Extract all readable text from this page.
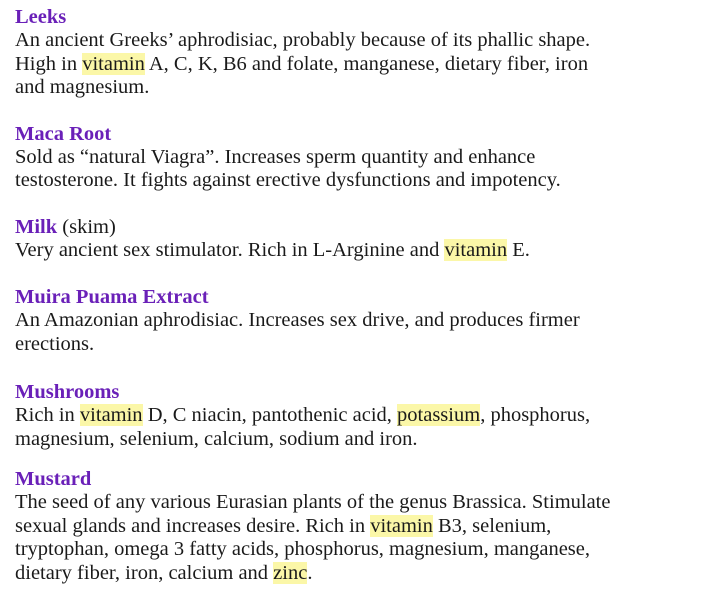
Leeks
An ancient Greeks’ aphrodisiac, probably because of its phallic shape.
High in vitamin A, C, K, B6 and folate, manganese, dietary fiber, iron
and magnesium.
Maca Root
Sold as “natural Viagra”. Increases sperm quantity and enhance
testosterone. It fights against erective dysfunctions and impotency.
Milk (skim)
Very ancient sex stimulator. Rich in L-Arginine and vitamin E.
Muira Puama Extract
An Amazonian aphrodisiac. Increases sex drive, and produces firmer
erections.
Mushrooms
Rich in vitamin D, C niacin, pantothenic acid, potassium, phosphorus,
magnesium, selenium, calcium, sodium and iron.
Mustard
The seed of any various Eurasian plants of the genus Brassica. Stimulate
sexual glands and increases desire. Rich in vitamin B3, selenium,
tryptophan, omega 3 fatty acids, phosphorus, magnesium, manganese,
dietary fiber, iron, calcium and zinc.
